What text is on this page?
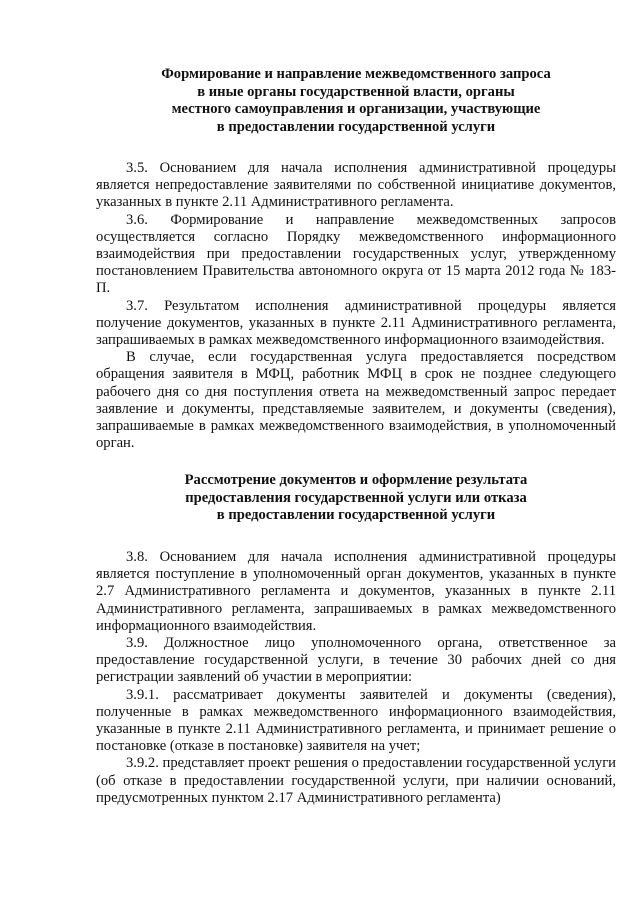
Формирование и направление межведомственного запроса
в иные органы государственной власти, органы
местного самоуправления и организации, участвующие
в предоставлении государственной услуги

3.5. Основанием для начала исполнения административной процедуры является непредоставление заявителями по собственной инициативе документов, указанных в пункте 2.11 Административного регламента.

3.6. Формирование и направление межведомственных запросов осуществляется согласно Порядку межведомственного информационного взаимодействия при предоставлении государственных услуг, утвержденному постановлением Правительства автономного округа от 15 марта 2012 года № 183-П.

3.7. Результатом исполнения административной процедуры является получение документов, указанных в пункте 2.11 Административного регламента, запрашиваемых в рамках межведомственного информационного взаимодействия.

В случае, если государственная услуга предоставляется посредством обращения заявителя в МФЦ, работник МФЦ в срок не позднее следующего рабочего дня со дня поступления ответа на межведомственный запрос передает заявление и документы, представляемые заявителем, и документы (сведения), запрашиваемые в рамках межведомственного взаимодействия, в уполномоченный орган.

Рассмотрение документов и оформление результата
предоставления государственной услуги или отказа
в предоставлении государственной услуги

3.8. Основанием для начала исполнения административной процедуры является поступление в уполномоченный орган документов, указанных в пункте 2.7 Административного регламента и документов, указанных в пункте 2.11 Административного регламента, запрашиваемых в рамках межведомственного информационного взаимодействия.

3.9. Должностное лицо уполномоченного органа, ответственное за предоставление государственной услуги, в течение 30 рабочих дней со дня регистрации заявлений об участии в мероприятии:

3.9.1. рассматривает документы заявителей и документы (сведения), полученные в рамках межведомственного информационного взаимодействия, указанные в пункте 2.11 Административного регламента, и принимает решение о постановке (отказе в постановке) заявителя на учет;

3.9.2. представляет проект решения о предоставлении государственной услуги (об отказе в предоставлении государственной услуги, при наличии оснований, предусмотренных пунктом 2.17 Административного регламента)
